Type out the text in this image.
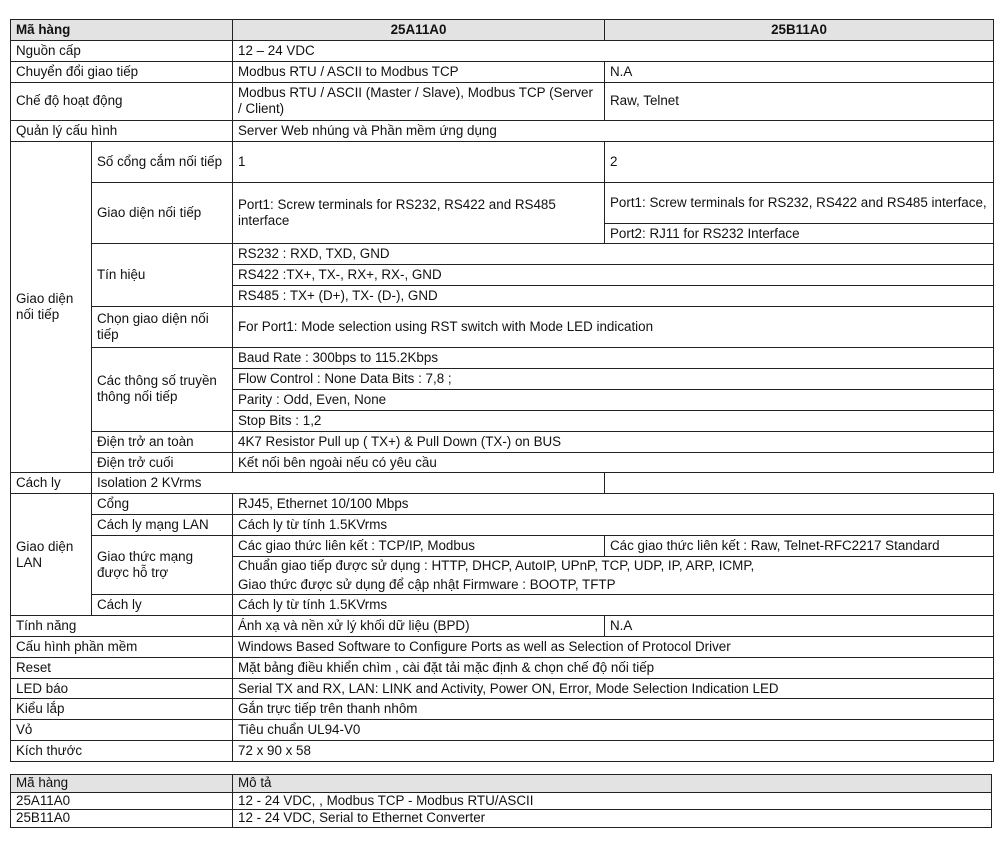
Mã hàng		25A11A0	25B11A0
Nguồn cấp		12 – 24 VDC	
Chuyển đổi giao tiếp		Modbus RTU / ASCII to Modbus TCP	N.A
Chế độ hoạt động		Modbus RTU / ASCII (Master / Slave), Modbus TCP (Server / Client)	Raw, Telnet
Quản lý cấu hình		Server Web nhúng và Phần mềm ứng dụng	
Giao diện nối tiếp	Số cổng cắm nối tiếp	1	2
	Giao diện nối tiếp	Port1: Screw terminals for RS232, RS422 and RS485 interface	Port1: Screw terminals for RS232, RS422 and RS485 interface,
			Port2: RJ11 for RS232 Interface
	Tín hiệu	RS232 : RXD, TXD, GND	
		RS422 :TX+, TX-, RX+, RX-, GND	
		RS485 : TX+ (D+), TX- (D-), GND	
	Chọn giao diện nối tiếp	For Port1: Mode selection using RST switch with Mode LED indication	
	Các thông số truyền thông nối tiếp	Baud Rate : 300bps to 115.2Kbps	
		Flow Control : None Data Bits : 7,8 ;	
		Parity : Odd, Even, None	
		Stop Bits : 1,2	
	Điện trở an toàn	4K7 Resistor Pull up ( TX+) & Pull Down (TX-) on BUS	
	Điện trở cuối	Kết nối bên ngoài nếu có yêu cầu	
Cách ly	Isolation 2 KVrms		
Giao diện LAN	Cổng	RJ45, Ethernet 10/100 Mbps	
	Cách ly mạng LAN	Cách ly từ tính 1.5KVrms	
	Giao thức mạng được hỗ trợ	Các giao thức liên kết : TCP/IP, Modbus	Các giao thức liên kết : Raw, Telnet-RFC2217 Standard
		Chuẩn giao tiếp được sử dụng : HTTP, DHCP, AutoIP, UPnP, TCP, UDP, IP, ARP, ICMP,	
		Giao thức được sử dụng để cập nhật Firmware : BOOTP, TFTP	
	Cách ly	Cách ly từ tính 1.5KVrms	
Tính năng		Ánh xạ và nền xử lý khối dữ liệu (BPD)	N.A
Cấu hình phần mềm		Windows Based Software to Configure Ports as well as Selection of Protocol Driver	
Reset		Mặt bảng điều khiển chìm , cài đặt tải mặc định & chọn chế độ nối tiếp	
LED báo		Serial TX and RX, LAN: LINK and Activity, Power ON, Error, Mode Selection Indication LED	
Kiểu lắp		Gắn trực tiếp trên thanh nhôm	
Vỏ		Tiêu chuẩn UL94-V0	
Kích thước		72 x 90 x 58	
Mã hàng	Mô tả
25A11A0	12 - 24 VDC, , Modbus TCP - Modbus RTU/ASCII
25B11A0	12 - 24 VDC, Serial to Ethernet Converter
